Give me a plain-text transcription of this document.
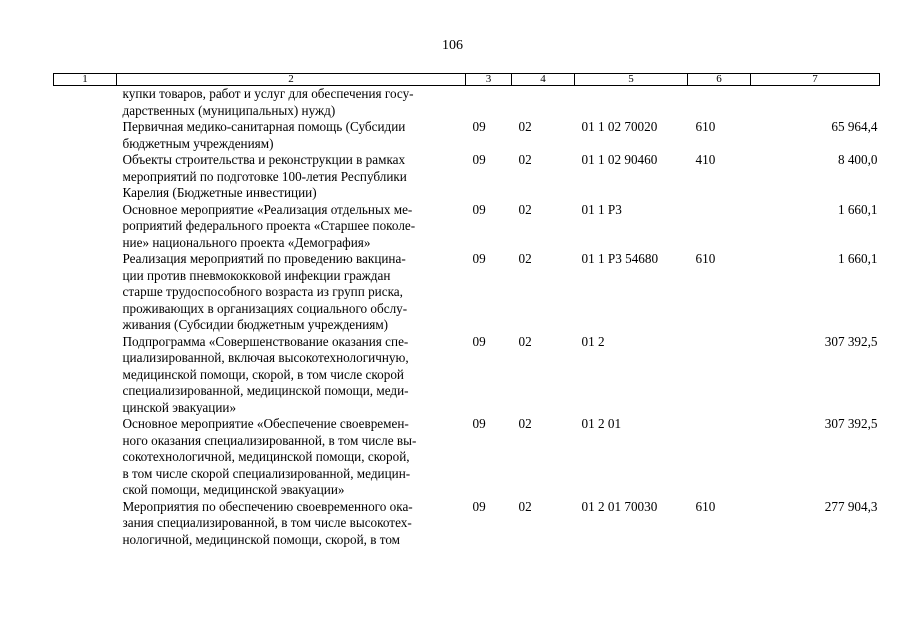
106
1	2	3	4	5	6	7

	купки товаров, работ и услуг для обеспечения госу-
дарственных (муниципальных) нужд)					

	Первичная медико-санитарная помощь (Субсидии
бюджетным учреждениям)	09	02	01 1 02 70020	610	65 964,4

	Объекты строительства и реконструкции в рамках
мероприятий по подготовке 100-летия Республики
Карелия (Бюджетные инвестиции)	09	02	01 1 02 90460	410	8 400,0

	Основное мероприятие «Реализация отдельных ме-
роприятий федерального проекта «Старшее поколе-
ние» национального проекта «Демография»	09	02	01 1 P3		1 660,1

	Реализация мероприятий по проведению вакцина-
ции против пневмококковой инфекции граждан
старше трудоспособного возраста из групп риска,
проживающих в организациях социального обслу-
живания (Субсидии бюджетным учреждениям)	09	02	01 1 P3 54680	610	1 660,1

	Подпрограмма «Совершенствование оказания спе-
циализированной, включая высокотехнологичную,
медицинской помощи, скорой, в том числе скорой
специализированной, медицинской помощи, меди-
цинской эвакуации»	09	02	01 2		307 392,5

	Основное мероприятие «Обеспечение своевремен-
ного оказания специализированной, в том числе вы-
сокотехнологичной, медицинской помощи, скорой,
в том числе скорой специализированной, медицин-
ской помощи, медицинской эвакуации»	09	02	01 2 01		307 392,5

	Мероприятия по обеспечению своевременного ока-
зания специализированной, в том числе высокотех-
нологичной, медицинской помощи, скорой, в том	09	02	01 2 01 70030	610	277 904,3
